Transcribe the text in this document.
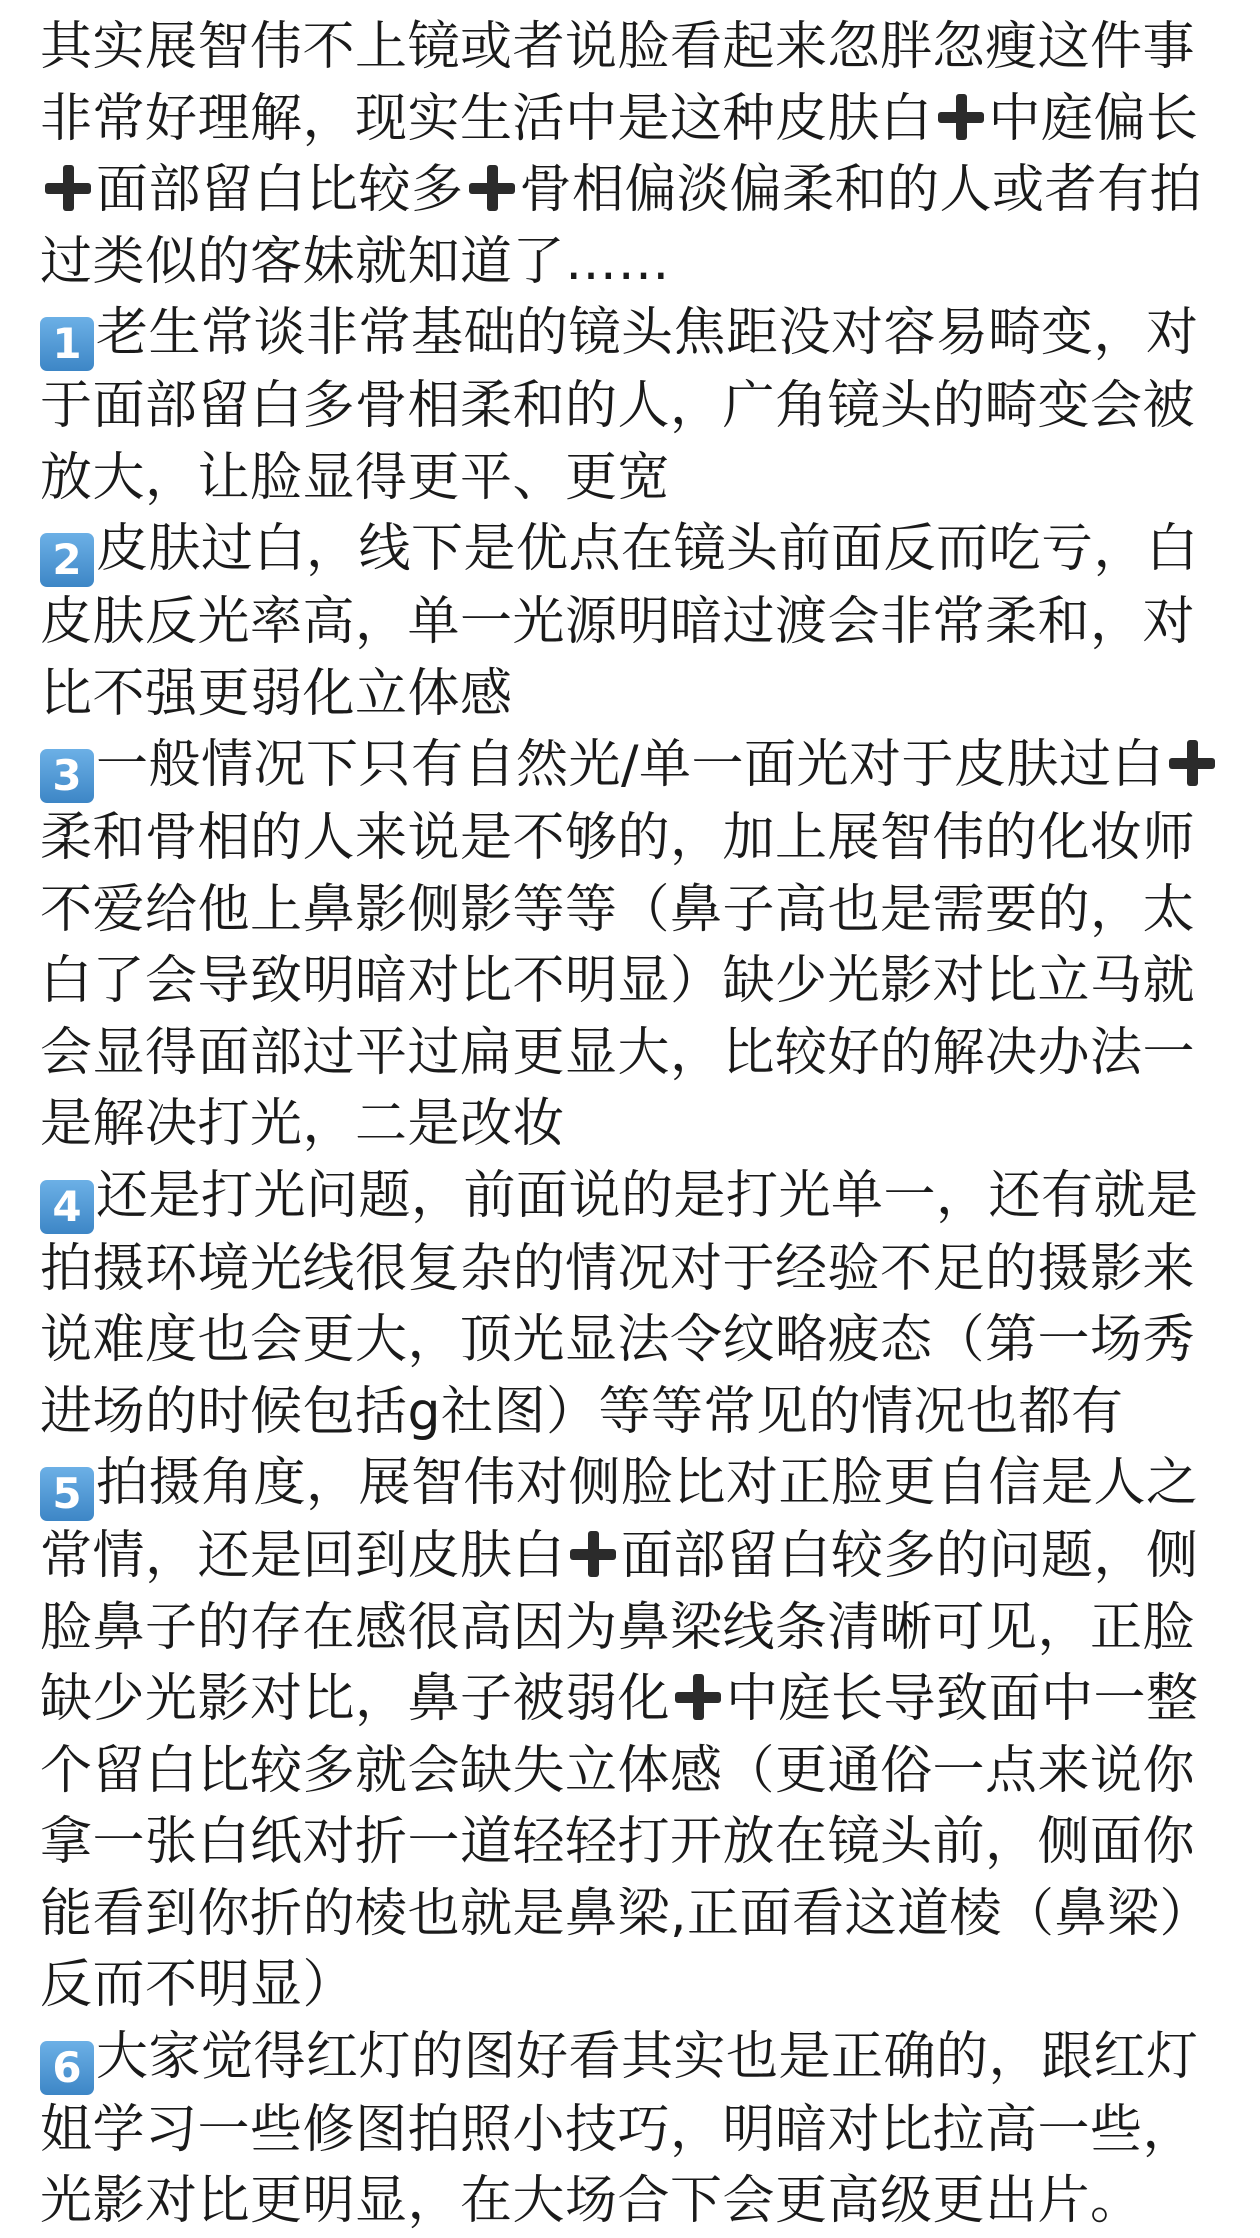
其实展智伟不上镜或者说脸看起来忽胖忽瘦这件事非常好理解，现实生活中是这种皮肤白 中庭偏长面部留白比较多 骨相偏淡偏柔和的人或者有拍过类似的客妹就知道了……

1 老生常谈非常基础的镜头焦距没对容易畸变，对于面部留白多骨相柔和的人，广角镜头的畸变会被放大，让脸显得更平、更宽

2 皮肤过白，线下是优点在镜头前面反而吃亏，白皮肤反光率高，单一光源明暗过渡会非常柔和，对比不强更弱化立体感

3 一般情况下只有自然光/单一面光对于皮肤过白柔和骨相的人来说是不够的，加上展智伟的化妆师不爱给他上鼻影侧影等等（鼻子高也是需要的，太白了会导致明暗对比不明显）缺少光影对比立马就会显得面部过平过扁更显大，比较好的解决办法一是解决打光，二是改妆

4 还是打光问题，前面说的是打光单一，还有就是拍摄环境光线很复杂的情况对于经验不足的摄影来说难度也会更大，顶光显法令纹略疲态（第一场秀进场的时候包括g社图）等等常见的情况也都有

5 拍摄角度，展智伟对侧脸比对正脸更自信是人之常情，还是回到皮肤白 面部留白较多的问题，侧脸鼻子的存在感很高因为鼻梁线条清晰可见，正脸缺少光影对比，鼻子被弱化 中庭长导致面中一整个留白比较多就会缺失立体感（更通俗一点来说你拿一张白纸对折一道轻轻打开放在镜头前，侧面你能看到你折的棱也就是鼻梁,正面看这道棱（鼻梁）反而不明显）

6 大家觉得红灯的图好看其实也是正确的，跟红灯姐学习一些修图拍照小技巧，明暗对比拉高一些，光影对比更明显，在大场合下会更高级更出片。
